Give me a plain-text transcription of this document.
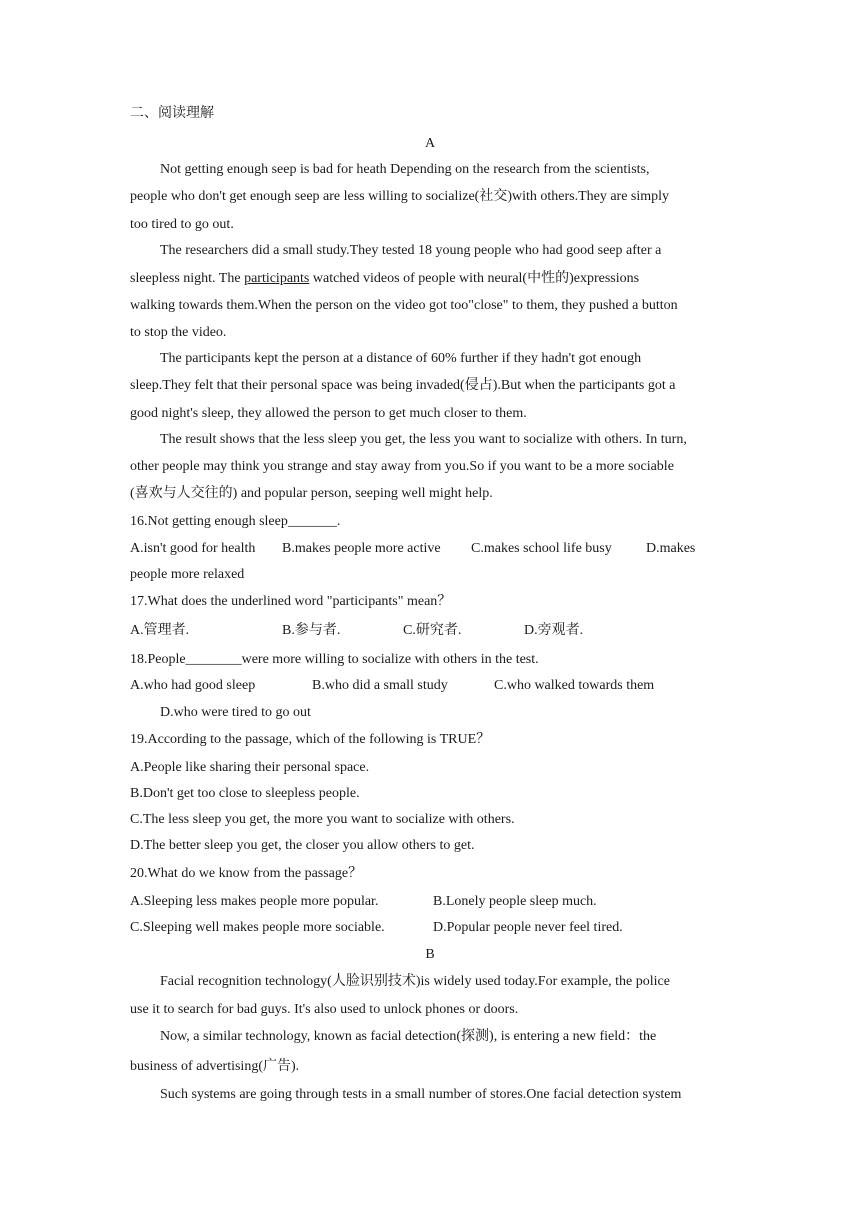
二、阅读理解
A
Not getting enough seep is bad for heath Depending on the research from the scientists,
people who don't get enough seep are less willing to socialize(社交)with others.They are simply
too tired to go out.
The researchers did a small study.They tested 18 young people who had good seep after a
sleepless night. The participants watched videos of people with neural(中性的)expressions
walking towards them.When the person on the video got too"close" to them, they pushed a button
to stop the video.
The participants kept the person at a distance of 60% further if they hadn't got enough
sleep.They felt that their personal space was being invaded(侵占).But when the participants got a
good night's sleep, they allowed the person to get much closer to them.
The result shows that the less sleep you get, the less you want to socialize with others. In turn,
other people may think you strange and stay away from you.So if you want to be a more sociable
(喜欢与人交往的) and popular person, seeping well might help.
16.Not getting enough sleep_______.
A.isn't good for health B.makes people more active C.makes school life busy D.makes
people more relaxed
17.What does the underlined word "participants" mean？
A.管理者.	B.参与者.	C.研究者.	D.旁观者.
18.People________were more willing to socialize with others in the test.
A.who had good sleep	B.who did a small study	C.who walked towards them
D.who were tired to go out
19.According to the passage, which of the following is TRUE？
A.People like sharing their personal space.
B.Don't get too close to sleepless people.
C.The less sleep you get, the more you want to socialize with others.
D.The better sleep you get, the closer you allow others to get.
20.What do we know from the passage？
A.Sleeping less makes people more popular.	B.Lonely people sleep much.
C.Sleeping well makes people more sociable.	D.Popular people never feel tired.
B
Facial recognition technology(人脸识别技术)is widely used today.For example, the police
use it to search for bad guys. It's also used to unlock phones or doors.
Now, a similar technology, known as facial detection(探测), is entering a new field：the
business of advertising(广告).
Such systems are going through tests in a small number of stores.One facial detection system
